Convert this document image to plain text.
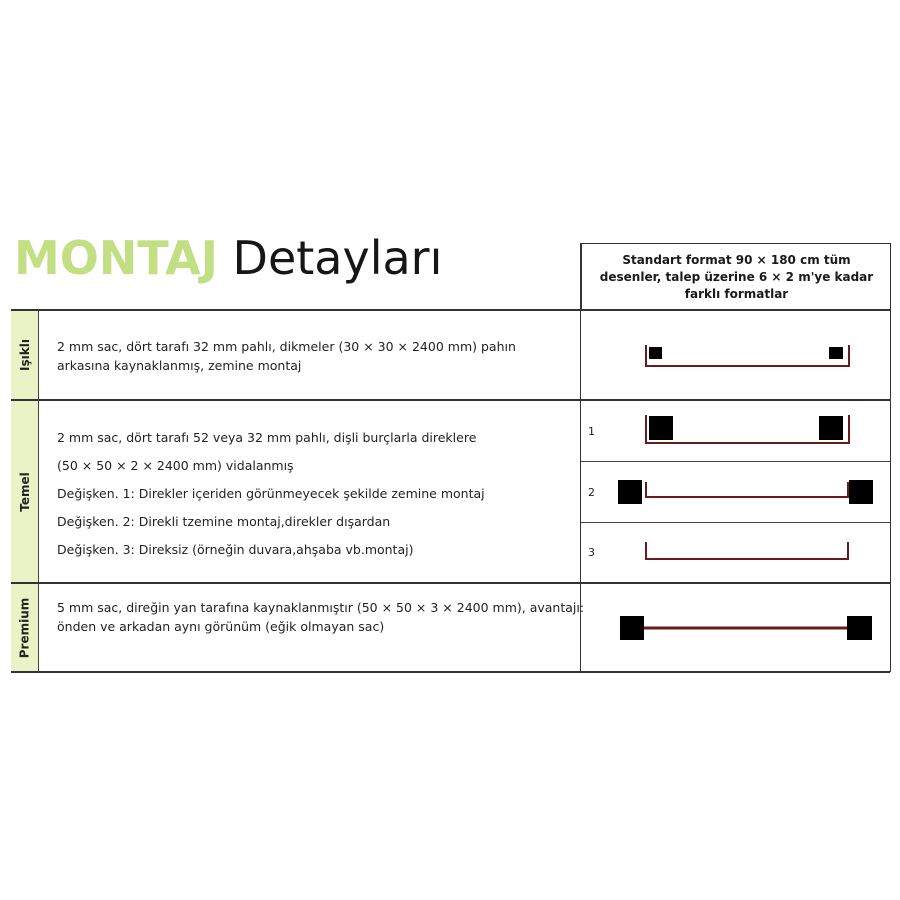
MONTAJ Detayları	Standart format 90 × 180 cm tüm desenler, talep üzerine 6 × 2 m'ye kadar farklı formatlar
Işıklı 2 mm sac, dört tarafı 32 mm pahlı, dikmeler (30 × 30 × 2400 mm) pahın

arkasına kaynaklanmış, zemine montaj

Temel

2 mm sac, dört tarafı 52 veya 32 mm pahlı, dişli burçlarla direklere

(50 × 50 × 2 × 2400 mm) vidalanmış

Değişken. 1: Direkler içeriden görünmeyecek şekilde zemine montaj

Değişken. 2: Direkli tzemine montaj,direkler dışardan

Değişken. 3: Direksiz (örneğin duvara,ahşaba vb.montaj)

1
2
3
Premium 5 mm sac, direğin yan tarafına kaynaklanmıştır (50 × 50 × 3 × 2400 mm), avantajı:

önden ve arkadan aynı görünüm (eğik olmayan sac)
